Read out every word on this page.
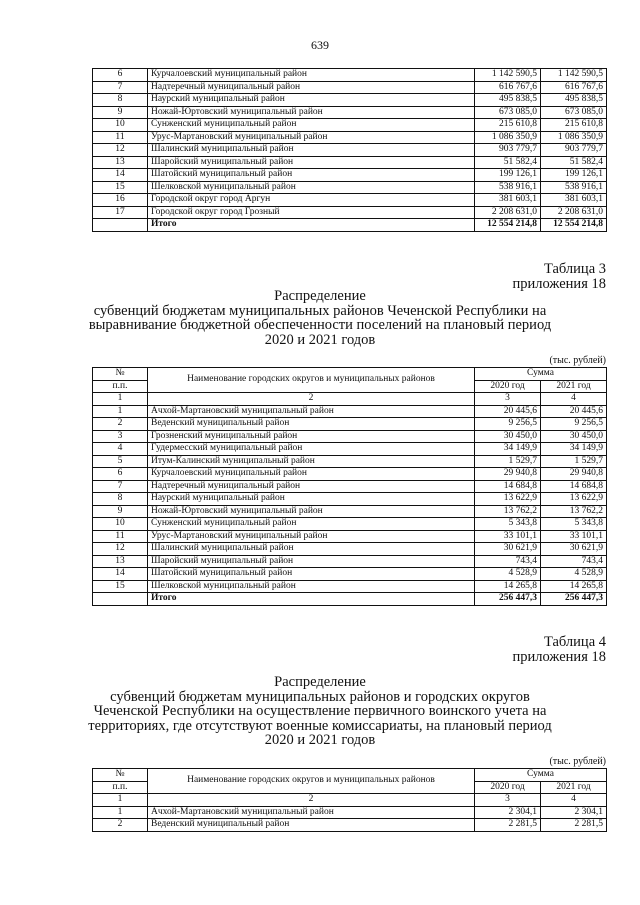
639
6	Курчалоевский муниципальный район	1 142 590,5	1 142 590,5
7	Надтеречный муниципальный район	616 767,6	616 767,6
8	Наурский муниципальный район	495 838,5	495 838,5
9	Ножай-Юртовский муниципальный район	673 085,0	673 085,0
10	Сунженский муниципальный район	215 610,8	215 610,8
11	Урус-Мартановский муниципальный район	1 086 350,9	1 086 350,9
12	Шалинский муниципальный район	903 779,7	903 779,7
13	Шаройский муниципальный район	51 582,4	51 582,4
14	Шатойский муниципальный район	199 126,1	199 126,1
15	Шелковской муниципальный район	538 916,1	538 916,1
16	Городской округ город Аргун	381 603,1	381 603,1
17	Городской округ город Грозный	2 208 631,0	2 208 631,0
	Итого	12 554 214,8	12 554 214,8
Таблица 3
приложения 18
Распределение
субвенций бюджетам муниципальных районов Чеченской Республики на
выравнивание бюджетной обеспеченности поселений на плановый период
2020 и 2021 годов
(тыс. рублей)
№	Наименование городских округов и муниципальных районов	Сумма	
п.п.		2020 год	2021 год
1	2	3	4
1	Ачхой-Мартановский муниципальный район	20 445,6	20 445,6
2	Веденский муниципальный район	9 256,5	9 256,5
3	Грозненский муниципальный район	30 450,0	30 450,0
4	Гудермесский муниципальный район	34 149,9	34 149,9
5	Итум-Калинский муниципальный район	1 529,7	1 529,7
6	Курчалоевский муниципальный район	29 940,8	29 940,8
7	Надтеречный муниципальный район	14 684,8	14 684,8
8	Наурский муниципальный район	13 622,9	13 622,9
9	Ножай-Юртовский муниципальный район	13 762,2	13 762,2
10	Сунженский муниципальный район	5 343,8	5 343,8
11	Урус-Мартановский муниципальный район	33 101,1	33 101,1
12	Шалинский муниципальный район	30 621,9	30 621,9
13	Шаройский муниципальный район	743,4	743,4
14	Шатойский муниципальный район	4 528,9	4 528,9
15	Шелковской муниципальный район	14 265,8	14 265,8
	Итого	256 447,3	256 447,3
Таблица 4
приложения 18
Распределение
субвенций бюджетам муниципальных районов и городских округов
Чеченской Республики на осуществление первичного воинского учета на
территориях, где отсутствуют военные комиссариаты, на плановый период
2020 и 2021 годов
(тыс. рублей)
№	Наименование городских округов и муниципальных районов	Сумма	
п.п.		2020 год	2021 год
1	2	3	4
1	Ачхой-Мартановский муниципальный район	2 304,1	2 304,1
2	Веденский муниципальный район	2 281,5	2 281,5
